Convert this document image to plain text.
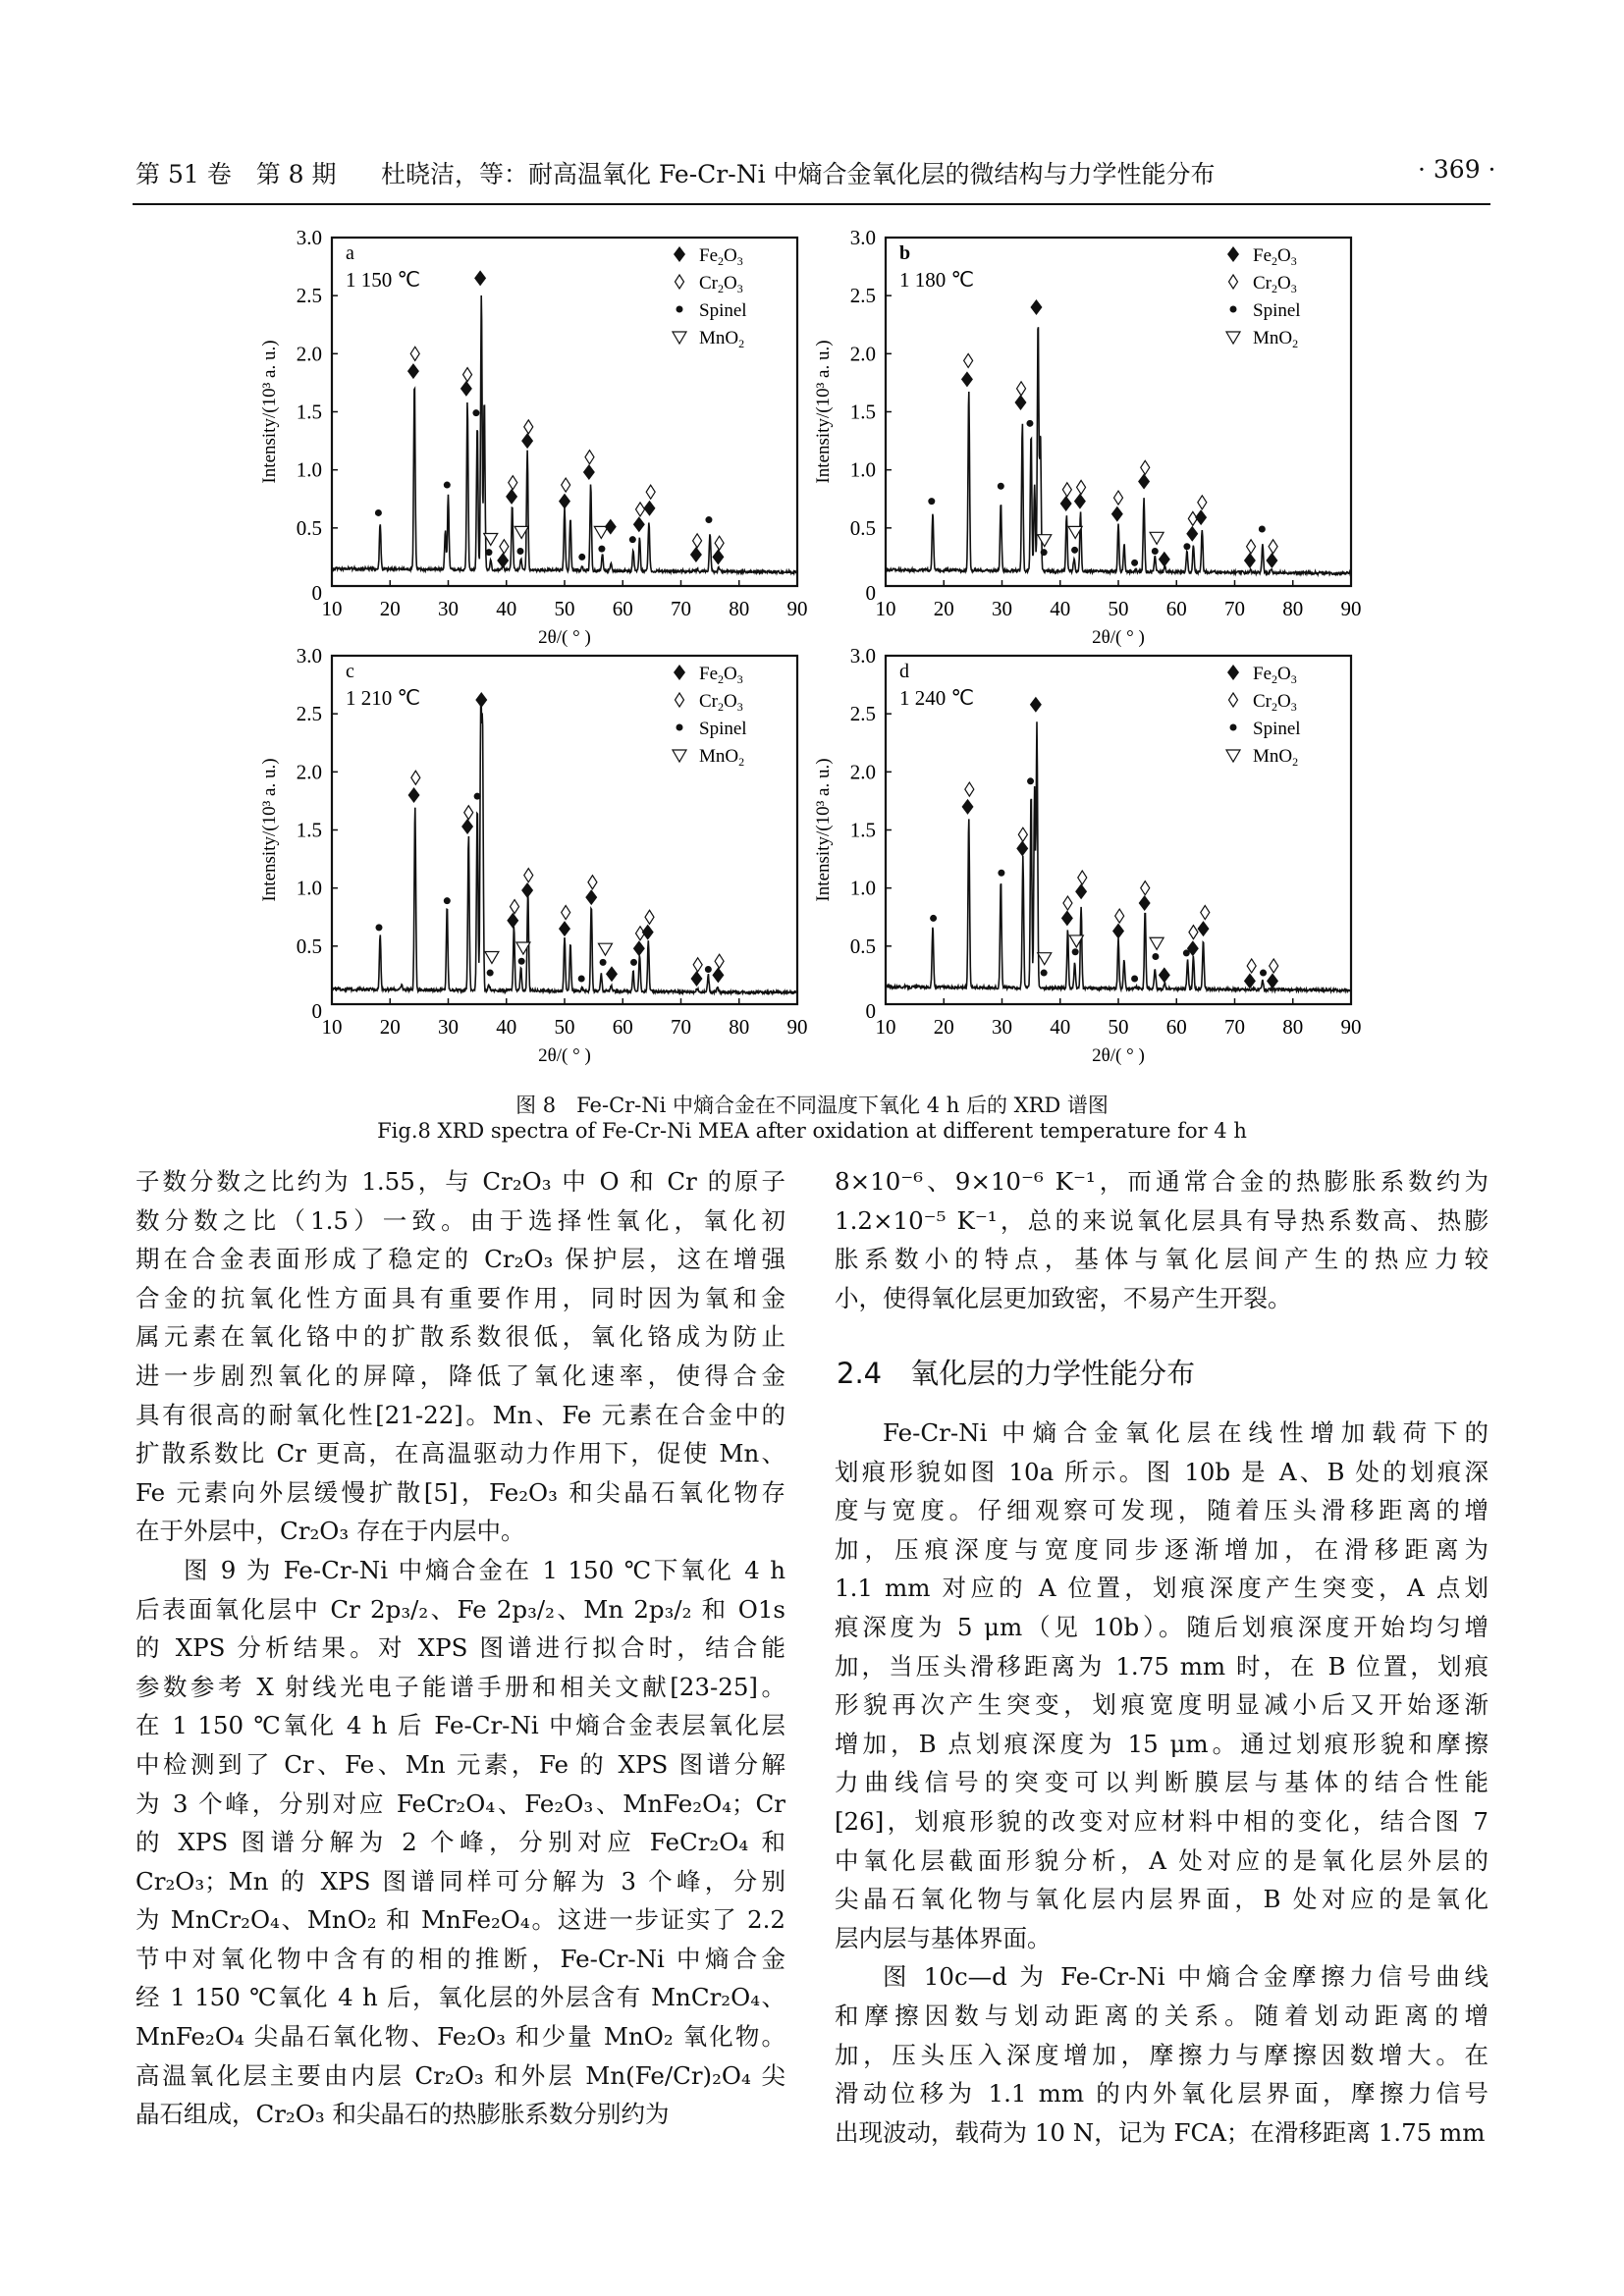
第 51 卷　第 8 期 杜晓洁，等：耐高温氧化 Fe-Cr-Ni 中熵合金氧化层的微结构与力学性能分布	· 369 ·
10 20 30 40 50 60 70 80 90
0
0.5
1.0
1.5
2.0
2.5
3.0
2θ/( ° )
Intensity/(10³ a. u.)
a
1 150 ℃
$Fe_2O_3$
$Cr_2O_3$
Spinel
MnO$_2$
10 20 30 40 50 60 70 80 90
0
0.5
1.0
1.5
2.0
2.5
3.0
2θ/( ° )
Intensity/(10³ a. u.)
b
1 180 ℃
$Fe_2O_3$
$Cr_2O_3$
Spinel
MnO$_2$
10 20 30 40 50 60 70 80 90
0
0.5
1.0
1.5
2.0
2.5
3.0
2θ/( ° )
Intensity/(10³ a. u.)
c
1 210 ℃
$Fe_2O_3$
$Cr_2O_3$
Spinel
MnO$_2$
10 20 30 40 50 60 70 80 90
0
0.5
1.0
1.5
2.0
2.5
3.0
2θ/( ° )
Intensity/(10³ a. u.)
d
1 240 ℃
$Fe_2O_3$
$Cr_2O_3$
Spinel
MnO$_2$
图 8　Fe-Cr-Ni 中熵合金在不同温度下氧化 4 h 后的 XRD 谱图
Fig.8 XRD spectra of Fe-Cr-Ni MEA after oxidation at different temperature for 4 h
子数分数之比约为 1.55，与 Cr₂O₃ 中 O 和 Cr 的原子
数分数之比（1.5）一致。由于选择性氧化，氧化初
期在合金表面形成了稳定的 Cr₂O₃ 保护层，这在增强
合金的抗氧化性方面具有重要作用，同时因为氧和金
属元素在氧化铬中的扩散系数很低，氧化铬成为防止
进一步剧烈氧化的屏障，降低了氧化速率，使得合金
具有很高的耐氧化性[21-22]。Mn、Fe 元素在合金中的
扩散系数比 Cr 更高，在高温驱动力作用下，促使 Mn、
Fe 元素向外层缓慢扩散[5]，Fe₂O₃ 和尖晶石氧化物存
在于外层中，Cr₂O₃ 存在于内层中。
图 9 为 Fe-Cr-Ni 中熵合金在 1 150 ℃下氧化 4 h
后表面氧化层中 Cr 2p₃/₂、Fe 2p₃/₂、Mn 2p₃/₂ 和 O1s
的 XPS 分析结果。对 XPS 图谱进行拟合时，结合能
参数参考 X 射线光电子能谱手册和相关文献[23-25]。
在 1 150 ℃氧化 4 h 后 Fe-Cr-Ni 中熵合金表层氧化层
中检测到了 Cr、Fe、Mn 元素，Fe 的 XPS 图谱分解
为 3 个峰，分别对应 FeCr₂O₄、Fe₂O₃、MnFe₂O₄；Cr
的 XPS 图谱分解为 2 个峰，分别对应 FeCr₂O₄ 和
Cr₂O₃；Mn 的 XPS 图谱同样可分解为 3 个峰，分别
为 MnCr₂O₄、MnO₂ 和 MnFe₂O₄。这进一步证实了 2.2
节中对氧化物中含有的相的推断，Fe-Cr-Ni 中熵合金
经 1 150 ℃氧化 4 h 后，氧化层的外层含有 MnCr₂O₄、
MnFe₂O₄ 尖晶石氧化物、Fe₂O₃ 和少量 MnO₂ 氧化物。
高温氧化层主要由内层 Cr₂O₃ 和外层 Mn(Fe/Cr)₂O₄ 尖
晶石组成，Cr₂O₃ 和尖晶石的热膨胀系数分别约为
8×10⁻⁶、9×10⁻⁶ K⁻¹，而通常合金的热膨胀系数约为
1.2×10⁻⁵ K⁻¹，总的来说氧化层具有导热系数高、热膨
胀系数小的特点，基体与氧化层间产生的热应力较
小，使得氧化层更加致密，不易产生开裂。
2.4　氧化层的力学性能分布
Fe-Cr-Ni 中熵合金氧化层在线性增加载荷下的
划痕形貌如图 10a 所示。图 10b 是 A、B 处的划痕深
度与宽度。仔细观察可发现，随着压头滑移距离的增
加，压痕深度与宽度同步逐渐增加，在滑移距离为
1.1 mm 对应的 A 位置，划痕深度产生突变，A 点划
痕深度为 5 μm（见 10b）。随后划痕深度开始均匀增
加，当压头滑移距离为 1.75 mm 时，在 B 位置，划痕
形貌再次产生突变，划痕宽度明显减小后又开始逐渐
增加，B 点划痕深度为 15 μm。通过划痕形貌和摩擦
力曲线信号的突变可以判断膜层与基体的结合性能
[26]，划痕形貌的改变对应材料中相的变化，结合图 7
中氧化层截面形貌分析，A 处对应的是氧化层外层的
尖晶石氧化物与氧化层内层界面，B 处对应的是氧化
层内层与基体界面。
图 10c—d 为 Fe-Cr-Ni 中熵合金摩擦力信号曲线
和摩擦因数与划动距离的关系。随着划动距离的增
加，压头压入深度增加，摩擦力与摩擦因数增大。在
滑动位移为 1.1 mm 的内外氧化层界面，摩擦力信号
出现波动，载荷为 10 N，记为 FCA；在滑移距离 1.75 mm
